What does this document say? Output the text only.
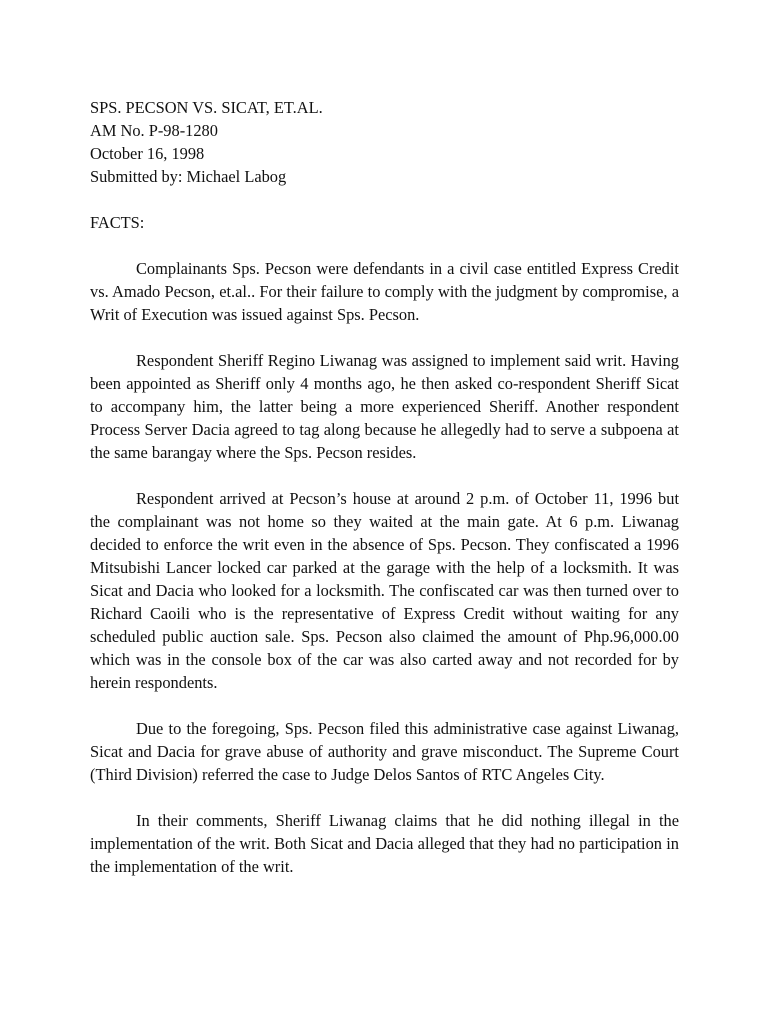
SPS. PECSON VS. SICAT, ET.AL.

AM No. P-98-1280

October 16, 1998

Submitted by: Michael Labog

FACTS:

Complainants Sps. Pecson were defendants in a civil case entitled Express Credit vs. Amado Pecson, et.al.. For their failure to comply with the judgment by compromise, a Writ of Execution was issued against Sps. Pecson.

Respondent Sheriff Regino Liwanag was assigned to implement said writ. Having been appointed as Sheriff only 4 months ago, he then asked co-respondent Sheriff Sicat to accompany him, the latter being a more experienced Sheriff. Another respondent Process Server Dacia agreed to tag along because he allegedly had to serve a subpoena at the same barangay where the Sps. Pecson resides.

Respondent arrived at Pecson’s house at around 2 p.m. of October 11, 1996 but the complainant was not home so they waited at the main gate. At 6 p.m. Liwanag decided to enforce the writ even in the absence of Sps. Pecson. They confiscated a 1996 Mitsubishi Lancer locked car parked at the garage with the help of a locksmith. It was Sicat and Dacia who looked for a locksmith. The confiscated car was then turned over to Richard Caoili who is the representative of Express Credit without waiting for any scheduled public auction sale. Sps. Pecson also claimed the amount of Php.96,000.00 which was in the console box of the car was also carted away and not recorded for by herein respondents.

Due to the foregoing, Sps. Pecson filed this administrative case against Liwanag, Sicat and Dacia for grave abuse of authority and grave misconduct. The Supreme Court (Third Division) referred the case to Judge Delos Santos of RTC Angeles City.

In their comments, Sheriff Liwanag claims that he did nothing illegal in the implementation of the writ. Both Sicat and Dacia alleged that they had no participation in the implementation of the writ.
